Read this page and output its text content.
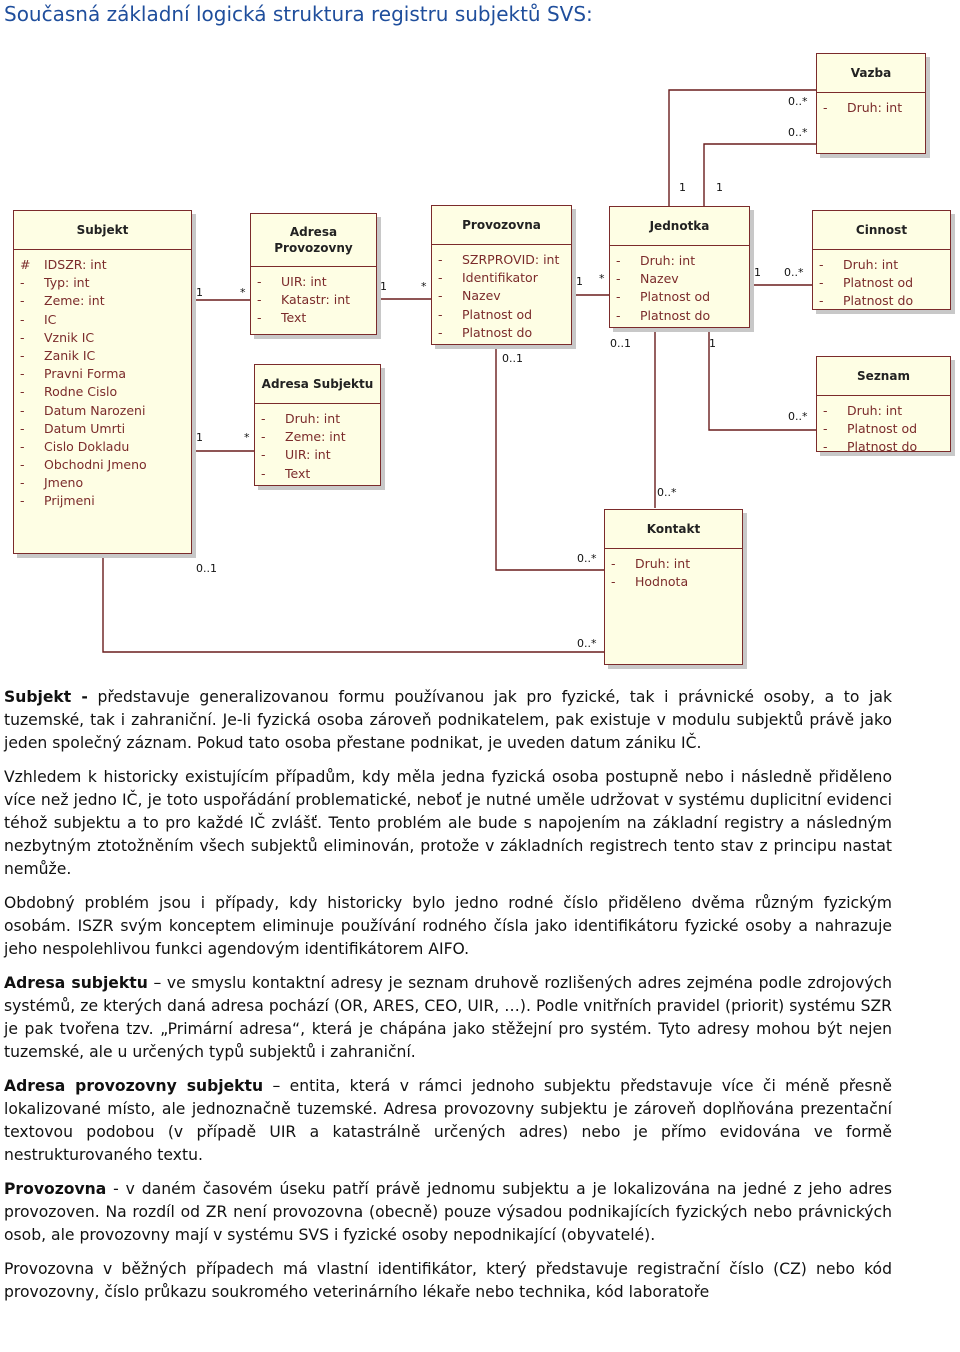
Současná základní logická struktura registru subjektů SVS:
Vazba
-	Druh: int
Subjekt
#	IDSZR: int
-	Typ: int
-	Zeme: int
-	IC
-	Vznik IC
-	Zanik IC
-	Pravni Forma
-	Rodne Cislo
-	Datum Narozeni
-	Datum Umrti
-	Cislo Dokladu
-	Obchodni Jmeno
-	Jmeno
-	Prijmeni
Adresa
Provozovny
-	UIR: int
-	Katastr: int
-	Text
Provozovna
-	SZRPROVID: int
-	Identifikator
-	Nazev
-	Platnost od
-	Platnost do
Jednotka
-	Druh: int
-	Nazev
-	Platnost od
-	Platnost do
Cinnost
-	Druh: int
-	Platnost od
-	Platnost do
Adresa Subjektu
-	Druh: int
-	Zeme: int
-	UIR: int
-	Text
Seznam
-	Druh: int
-	Platnost od
-	Platnost do
Kontakt
-	Druh: int
-	Hodnota
0..*
0..*
1	1
1	*	1	*	1 *	1 0..*
1	*
0..1	1
0..*
0..1
0..*
0..*
0..*
0..1

Subjekt - představuje generalizovanou formu používanou jak pro fyzické, tak i právnické osoby, a to jak tuzemské, tak i zahraniční. Je-li fyzická osoba zároveň podnikatelem, pak existuje v modulu subjektů právě jako jeden společný záznam. Pokud tato osoba přestane podnikat, je uveden datum zániku IČ.

Vzhledem k historicky existujícím případům, kdy měla jedna fyzická osoba postupně nebo i následně přiděleno více než jedno IČ, je toto uspořádání problematické, neboť je nutné uměle udržovat v systému duplicitní evidenci téhož subjektu a to pro každé IČ zvlášť. Tento problém ale bude s napojením na základní registry a následným nezbytným ztotožněním všech subjektů eliminován, protože v základních registrech tento stav z principu nastat nemůže.

Obdobný problém jsou i případy, kdy historicky bylo jedno rodné číslo přiděleno dvěma různým fyzickým osobám. ISZR svým konceptem eliminuje používání rodného čísla jako identifikátoru fyzické osoby a nahrazuje jeho nespolehlivou funkci agendovým identifikátorem AIFO.

Adresa subjektu – ve smyslu kontaktní adresy je seznam druhově rozlišených adres zejména podle zdrojových systémů, ze kterých daná adresa pochází (OR, ARES, CEO, UIR, …). Podle vnitřních pravidel (priorit) systému SZR je pak tvořena tzv. „Primární adresa“, která je chápána jako stěžejní pro systém. Tyto adresy mohou být nejen tuzemské, ale u určených typů subjektů i zahraniční.

Adresa provozovny subjektu – entita, která v rámci jednoho subjektu představuje více či méně přesně lokalizované místo, ale jednoznačně tuzemské. Adresa provozovny subjektu je zároveň doplňována prezentační textovou podobou (v případě UIR a katastrálně určených adres) nebo je přímo evidována ve formě nestrukturovaného textu.

Provozovna - v daném časovém úseku patří právě jednomu subjektu a je lokalizována na jedné z jeho adres provozoven. Na rozdíl od ZR není provozovna (obecně) pouze výsadou podnikajících fyzických nebo právnických osob, ale provozovny mají v systému SVS i fyzické osoby nepodnikající (obyvatelé).

Provozovna v běžných případech má vlastní identifikátor, který představuje registrační číslo (CZ) nebo kód provozovny, číslo průkazu soukromého veterinárního lékaře nebo technika, kód laboratoře
